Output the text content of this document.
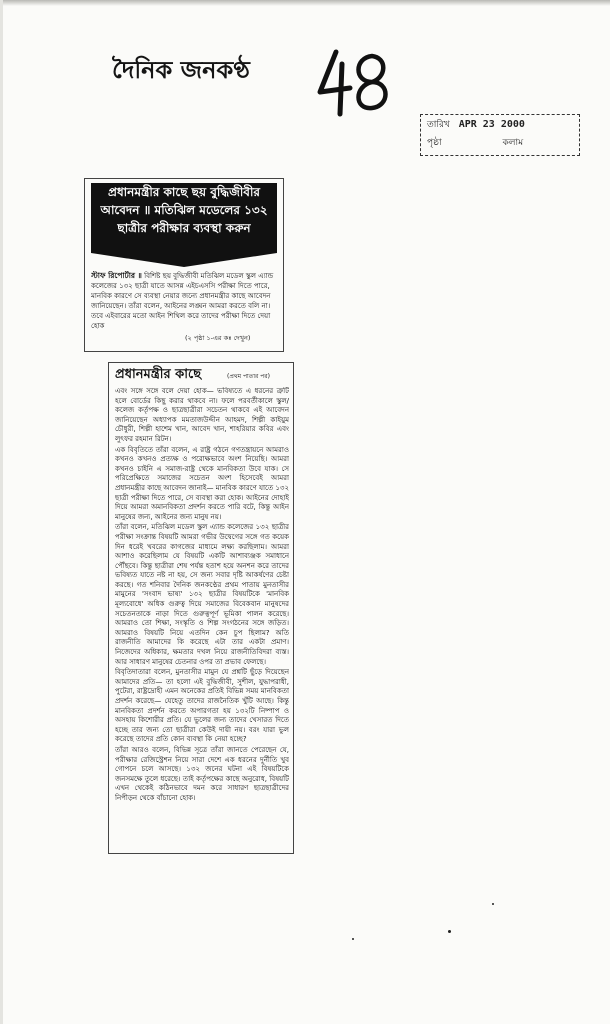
দৈনিক জনকণ্ঠ
তারিখ APR 23 2000
পৃষ্ঠা	কলাম
প্রধানমন্ত্রীর কাছে ছয় বুদ্ধিজীবীর আবেদন ॥ মতিঝিল মডেলের ১৩২ ছাত্রীর পরীক্ষার ব্যবস্থা করুন
স্টাফ রিপোর্টার ॥ বিশিষ্ট ছয় বুদ্ধিজীবী মতিঝিল মডেল স্কুল এ্যান্ড কলেজের ১৩২ ছাত্রী যাতে আসন্ন এইচএসসি পরীক্ষা দিতে পারে, মানবিক কারণে সে ব্যবস্থা নেয়ার জন্যে প্রধানমন্ত্রীর কাছে আবেদন জানিয়েছেন। তাঁরা বলেন, আইনের লঙ্ঘন আমরা করতে বলি না। তবে এইবারের মতো আইন শিথিল করে তাদের পরীক্ষা দিতে দেয়া হোক
(২ পৃষ্ঠা ১-এর কঃ দেখুন)
প্রধানমন্ত্রীর কাছে	(প্রথম পাতার পর)

এবং সঙ্গে সঙ্গে বলে দেয়া হোক— ভবিষ্যতে এ ধরনের ত্রুটি হলে বোর্ডের কিছু করার থাকবে না। ফলে পরবর্তীকালে স্কুল/কলেজ কর্তৃপক্ষ ও ছাত্রছাত্রীরা সচেতন থাকবে এই আবেদন জানিয়েছেন অধ্যাপক মমতাজউদ্দীন আহমদ, শিল্পী কাইয়ুম চৌধুরী, শিল্পী হাশেম খান, আবেদ খান, শাহরিয়ার কবির এবং লুৎফর রহমান রিটন।

এক বিবৃতিতে তাঁরা বলেন, এ রাষ্ট্র গঠনে গণতন্ত্রায়নে আমরাও কখনও কখনও প্রত্যক্ষ ও পরোক্ষভাবে অংশ নিয়েছি। আমরা কখনও চাইনি এ সমাজ-রাষ্ট্র থেকে মানবিকতা উবে যাক। সে পরিপ্রেক্ষিতে সমাজের সচেতন অংশ হিসেবেই আমরা প্রধানমন্ত্রীর কাছে আবেদন জানাই— মানবিক কারণে যাতে ১৩২ ছাত্রী পরীক্ষা দিতে পারে, সে ব্যবস্থা করা হোক। আইনের দোহাই দিয়ে আমরা অমানবিকতা প্রদর্শন করতে পারি বটে, কিন্তু আইন মানুষের জন্য, আইনের জন্য মানুষ নয়।

তাঁরা বলেন, মতিঝিল মডেল স্কুল এ্যান্ড কলেজের ১৩২ ছাত্রীর পরীক্ষা সংক্রান্ত বিষয়টি আমরা গভীর উদ্বেগের সঙ্গে গত কয়েক দিন ধরেই খবরের কাগজের মাধ্যমে লক্ষ্য করছিলাম। আমরা আশাও করেছিলাম যে বিষয়টি একটি আশাব্যঞ্জক সমাধানে পৌঁছবে। কিন্তু ছাত্রীরা শেষ পর্যন্ত হতাশ হয়ে অনশন করে তাদের ভবিষ্যত যাতে নষ্ট না হয়, সে জন্য সবার দৃষ্টি আকর্ষণের চেষ্টা করছে। গত শনিবার দৈনিক জনকণ্ঠের প্রথম পাতায় মুনতাসীর মামুনের 'সংবাদ ভাষ্য' ১৩২ ছাত্রীর বিষয়টিকে 'মানবিক মূল্যবোধে' অধিক গুরুত্ব দিয়ে সমাজের বিবেকবান মানুষদের সচেতনতাকে নাড়া দিতে গুরুত্বপূর্ণ ভূমিকা পালন করেছে। আমরাও তো শিক্ষা, সংস্কৃতি ও শিল্প সংগঠনের সঙ্গে জড়িত। আমরাও বিষয়টি নিয়ে এতদিন কেন চুপ ছিলাম? অতি রাজনীতি আমাদের কি করেছে এটা তার একটা প্রমাণ। নিজেদের অধিকার, ক্ষমতার দখল নিয়ে রাজনীতিবিদরা ব্যস্ত। আর সাধারণ মানুষের চেতনার ওপর তা প্রভাব ফেলছে।

বিবৃতিদাতারা বলেন, মুনতাসীর মামুন যে প্রশ্নটি ছুঁড়ে দিয়েছেন আমাদের প্রতি— তা হলো এই বুদ্ধিজীবী, সুশীল, যুদ্ধাপরাধী, পুটেরা, রাষ্ট্রদ্রোহী এমন অনেকের প্রতিই বিভিন্ন সময় মানবিকতা প্রদর্শন করেছে— যেহেতু তাদের রাজনৈতিক খুঁটি আছে। কিন্তু মানবিকতা প্রদর্শন করতে অপারগতা হয় ১৩২টি নিষ্পাপ ও অসহায় কিশোরীর প্রতি। যে ভুলের জন্য তাদের খেসারত দিতে হচ্ছে তার জন্য তো ছাত্রীরা কেউই দায়ী নয়। বরং যারা ভুল করেছে তাদের প্রতি কোন ব্যবস্থা কি নেয়া হচ্ছে?

তাঁরা আরও বলেন, বিভিন্ন সূত্রে তাঁরা জানতে পেরেছেন যে, পরীক্ষার রেজিস্ট্রেশন নিয়ে সারা দেশে এক ধরনের দুর্নীতি খুব গোপনে চলে আসছে। ১৩২ জনের ঘটনা এই বিষয়টিকে জনসমক্ষে তুলে ধরেছে। তাই কর্তৃপক্ষের কাছে অনুরোধ, বিষয়টি এখন থেকেই কঠিনভাবে দমন করে সাধারণ ছাত্রছাত্রীদের নিপীড়ন থেকে বাঁচানো হোক।
